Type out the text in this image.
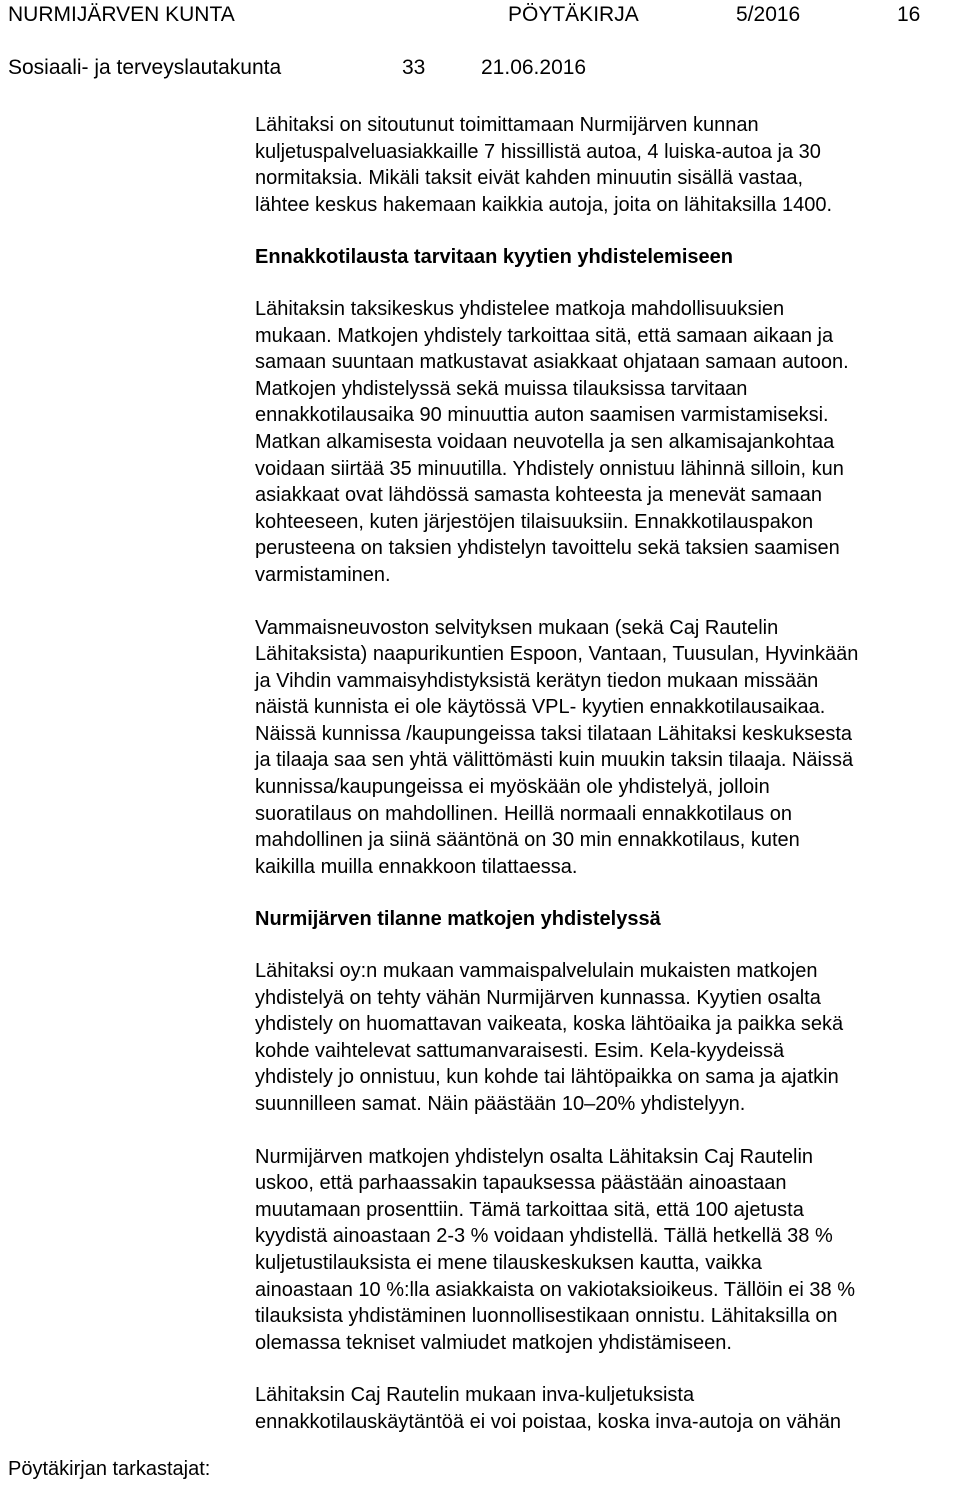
NURMIJÄRVEN KUNTA	PÖYTÄKIRJA	5/2016	16
Sosiaali- ja terveyslautakunta	33	21.06.2016

Lähitaksi on sitoutunut toimittamaan Nurmijärven kunnan
kuljetuspalveluasiakkaille 7 hissillistä autoa, 4 luiska-autoa ja 30
normitaksia. Mikäli taksit eivät kahden minuutin sisällä vastaa,
lähtee keskus hakemaan kaikkia autoja, joita on lähitaksilla 1400.

Ennakkotilausta tarvitaan kyytien yhdistelemiseen

Lähitaksin taksikeskus yhdistelee matkoja mahdollisuuksien
mukaan. Matkojen yhdistely tarkoittaa sitä, että samaan aikaan ja
samaan suuntaan matkustavat asiakkaat ohjataan samaan autoon.
Matkojen yhdistelyssä sekä muissa tilauksissa tarvitaan
ennakkotilausaika 90 minuuttia auton saamisen varmistamiseksi.
Matkan alkamisesta voidaan neuvotella ja sen alkamisajankohtaa
voidaan siirtää 35 minuutilla. Yhdistely onnistuu lähinnä silloin, kun
asiakkaat ovat lähdössä samasta kohteesta ja menevät samaan
kohteeseen, kuten järjestöjen tilaisuuksiin. Ennakkotilauspakon
perusteena on taksien yhdistelyn tavoittelu sekä taksien saamisen
varmistaminen.

Vammaisneuvoston selvityksen mukaan (sekä Caj Rautelin
Lähitaksista) naapurikuntien Espoon, Vantaan, Tuusulan, Hyvinkään
ja Vihdin vammaisyhdistyksistä kerätyn tiedon mukaan missään
näistä kunnista ei ole käytössä VPL- kyytien ennakkotilausaikaa.
Näissä kunnissa /kaupungeissa taksi tilataan Lähitaksi keskuksesta
ja tilaaja saa sen yhtä välittömästi kuin muukin taksin tilaaja. Näissä
kunnissa/kaupungeissa ei myöskään ole yhdistelyä, jolloin
suoratilaus on mahdollinen. Heillä normaali ennakkotilaus on
mahdollinen ja siinä sääntönä on 30 min ennakkotilaus, kuten
kaikilla muilla ennakkoon tilattaessa.

Nurmijärven tilanne matkojen yhdistelyssä

Lähitaksi oy:n mukaan vammaispalvelulain mukaisten matkojen
yhdistelyä on tehty vähän Nurmijärven kunnassa. Kyytien osalta
yhdistely on huomattavan vaikeata, koska lähtöaika ja paikka sekä
kohde vaihtelevat sattumanvaraisesti. Esim. Kela-kyydeissä
yhdistely jo onnistuu, kun kohde tai lähtöpaikka on sama ja ajatkin
suunnilleen samat. Näin päästään 10–20% yhdistelyyn.

Nurmijärven matkojen yhdistelyn osalta Lähitaksin Caj Rautelin
uskoo, että parhaassakin tapauksessa päästään ainoastaan
muutamaan prosenttiin. Tämä tarkoittaa sitä, että 100 ajetusta
kyydistä ainoastaan 2-3 % voidaan yhdistellä. Tällä hetkellä 38 %
kuljetustilauksista ei mene tilauskeskuksen kautta, vaikka
ainoastaan 10 %:lla asiakkaista on vakiotaksioikeus. Tällöin ei 38 %
tilauksista yhdistäminen luonnollisestikaan onnistu. Lähitaksilla on
olemassa tekniset valmiudet matkojen yhdistämiseen.

Lähitaksin Caj Rautelin mukaan inva-kuljetuksista
ennakkotilauskäytäntöä ei voi poistaa, koska inva-autoja on vähän

Pöytäkirjan tarkastajat:
